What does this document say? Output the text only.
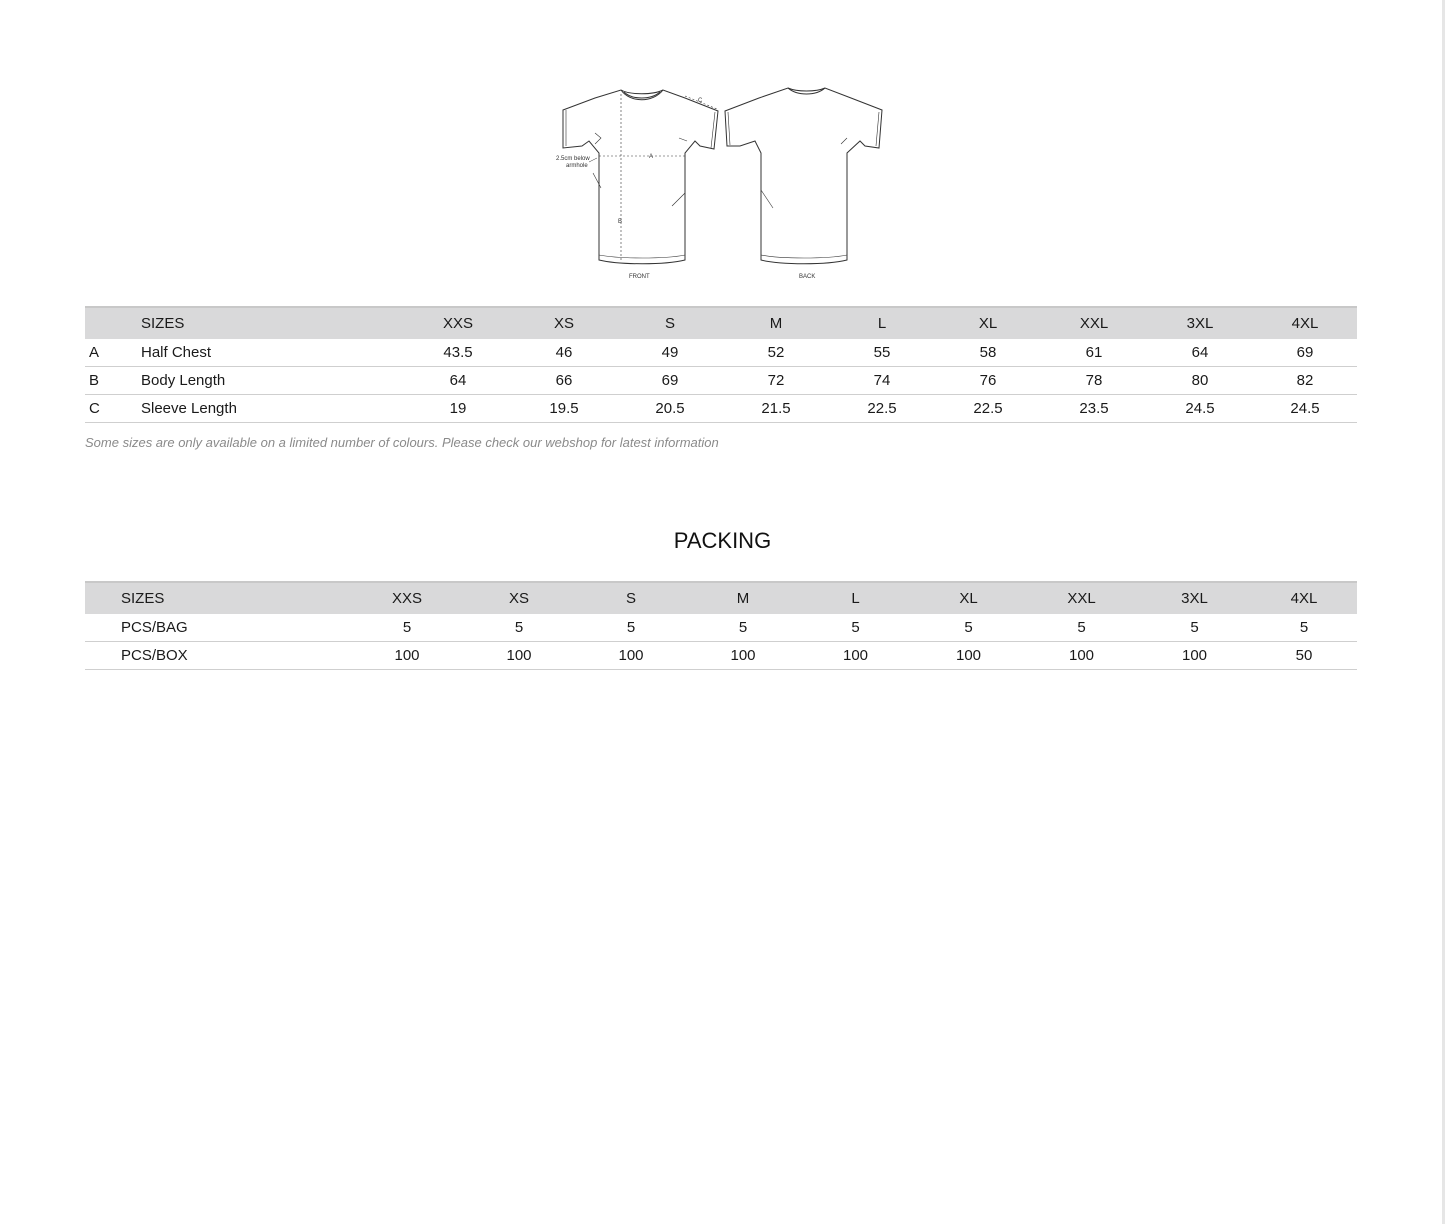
A
B
C
2.5cm below
armhole
FRONT	BACK
	SIZES	XXS	XS	S	M	L	XL	XXL	3XL	4XL
A	Half Chest	43.5	46	49	52	55	58	61	64	69
B	Body Length	64	66	69	72	74	76	78	80	82
C	Sleeve Length	19	19.5	20.5	21.5	22.5	22.5	23.5	24.5	24.5
Some sizes are only available on a limited number of colours. Please check our webshop for latest information
PACKING
	SIZES	XXS	XS	S	M	L	XL	XXL	3XL	4XL
	PCS/BAG	5	5	5	5	5	5	5	5	5
	PCS/BOX	100	100	100	100	100	100	100	100	50
